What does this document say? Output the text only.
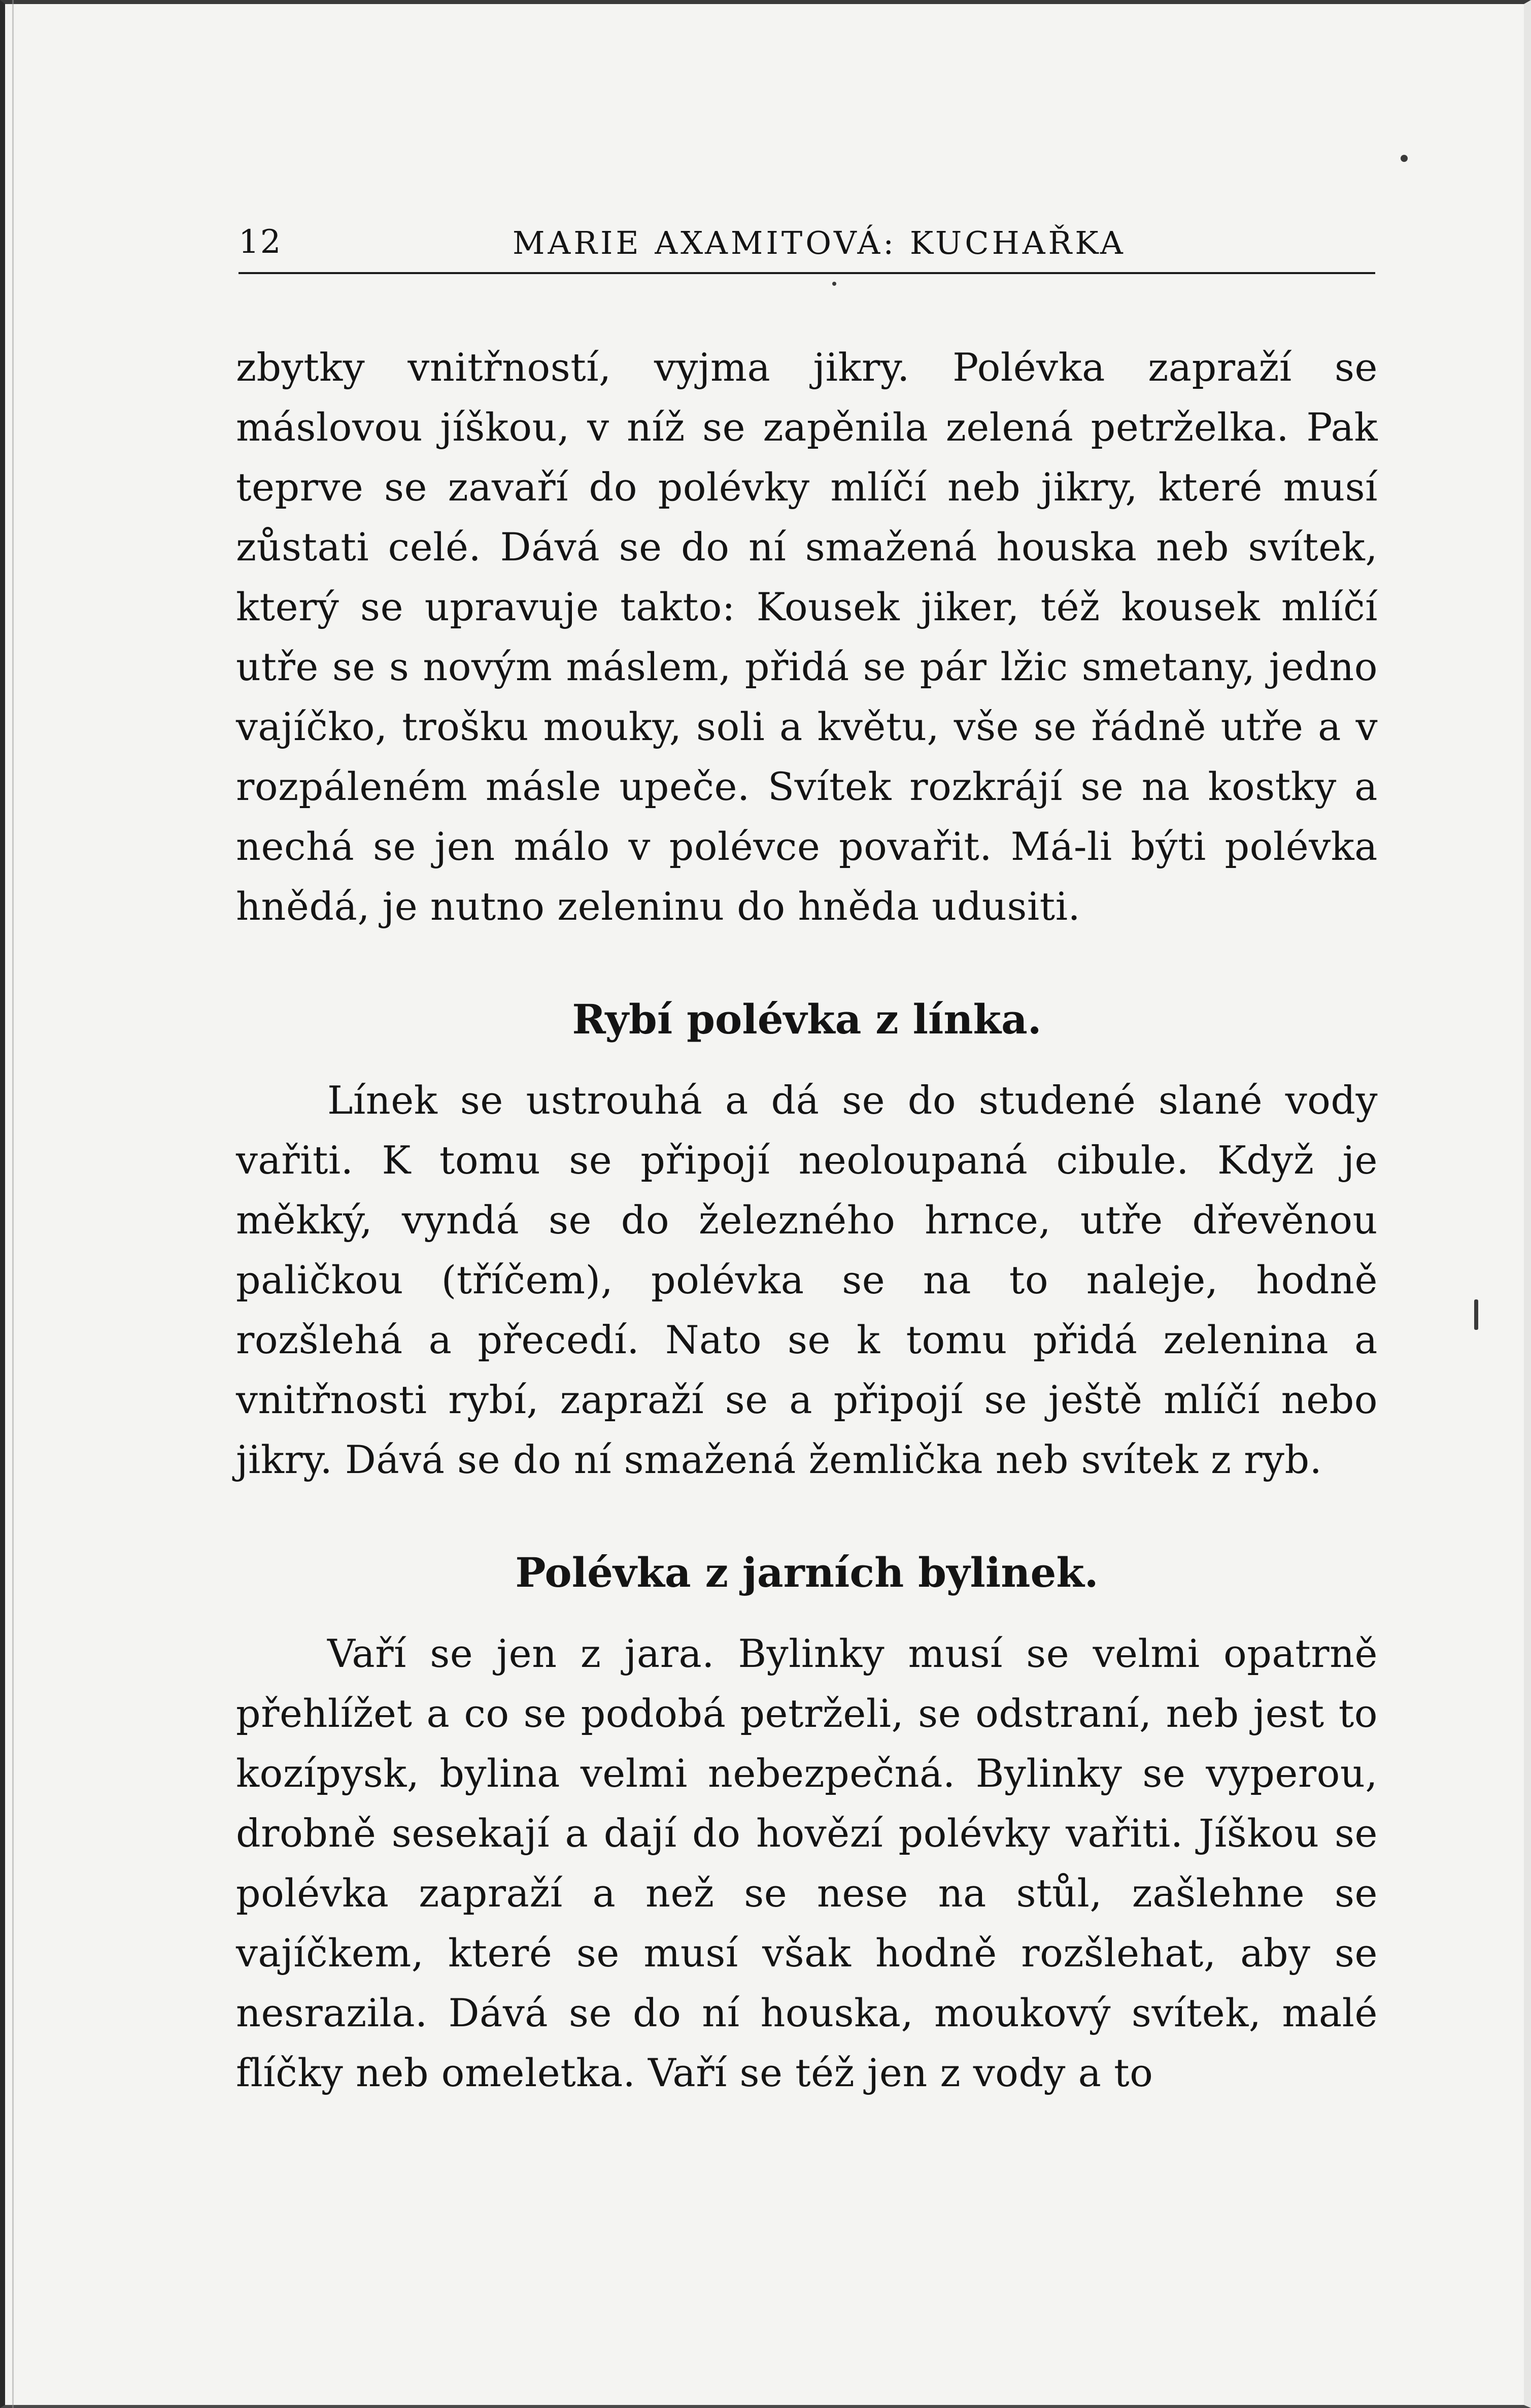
12	MARIE AXAMITOVÁ: KUCHAŘKA

zbytky vnitřností, vyjma jikry. Polévka zapraží se máslovou jíškou, v níž se zapěnila zelená petrželka. Pak teprve se zavaří do polévky mlíčí neb jikry, které musí zůstati celé. Dává se do ní smažená houska neb svítek, který se upravuje takto: Kousek jiker, též kousek mlíčí utře se s novým máslem, přidá se pár lžic smetany, jedno vajíčko, trošku mouky, soli a květu, vše se řádně utře a v rozpáleném másle upeče. Svítek rozkrájí se na kostky a nechá se jen málo v polévce povařit. Má-li býti polévka hnědá, je nutno zeleninu do hněda udusiti.

Rybí polévka z línka.

Línek se ustrouhá a dá se do studené slané vody vařiti. K tomu se připojí neoloupaná cibule. Když je měkký, vyndá se do železného hrnce, utře dřevěnou paličkou (tříčem), polévka se na to naleje, hodně rozšlehá a přecedí. Nato se k tomu přidá zelenina a vnitřnosti rybí, zapraží se a připojí se ještě mlíčí nebo jikry. Dává se do ní smažená žemlička neb svítek z ryb.

Polévka z jarních bylinek.

Vaří se jen z jara. Bylinky musí se velmi opatrně přehlížet a co se podobá petrželi, se odstraní, neb jest to kozípysk, bylina velmi nebezpečná. Bylinky se vyperou, drobně sesekají a dají do hovězí polévky vařiti. Jíškou se polévka zapraží a než se nese na stůl, zašlehne se vajíčkem, které se musí však hodně rozšlehat, aby se nesrazila. Dává se do ní houska, moukový svítek, malé flíčky neb omeletka. Vaří se též jen z vody a to
